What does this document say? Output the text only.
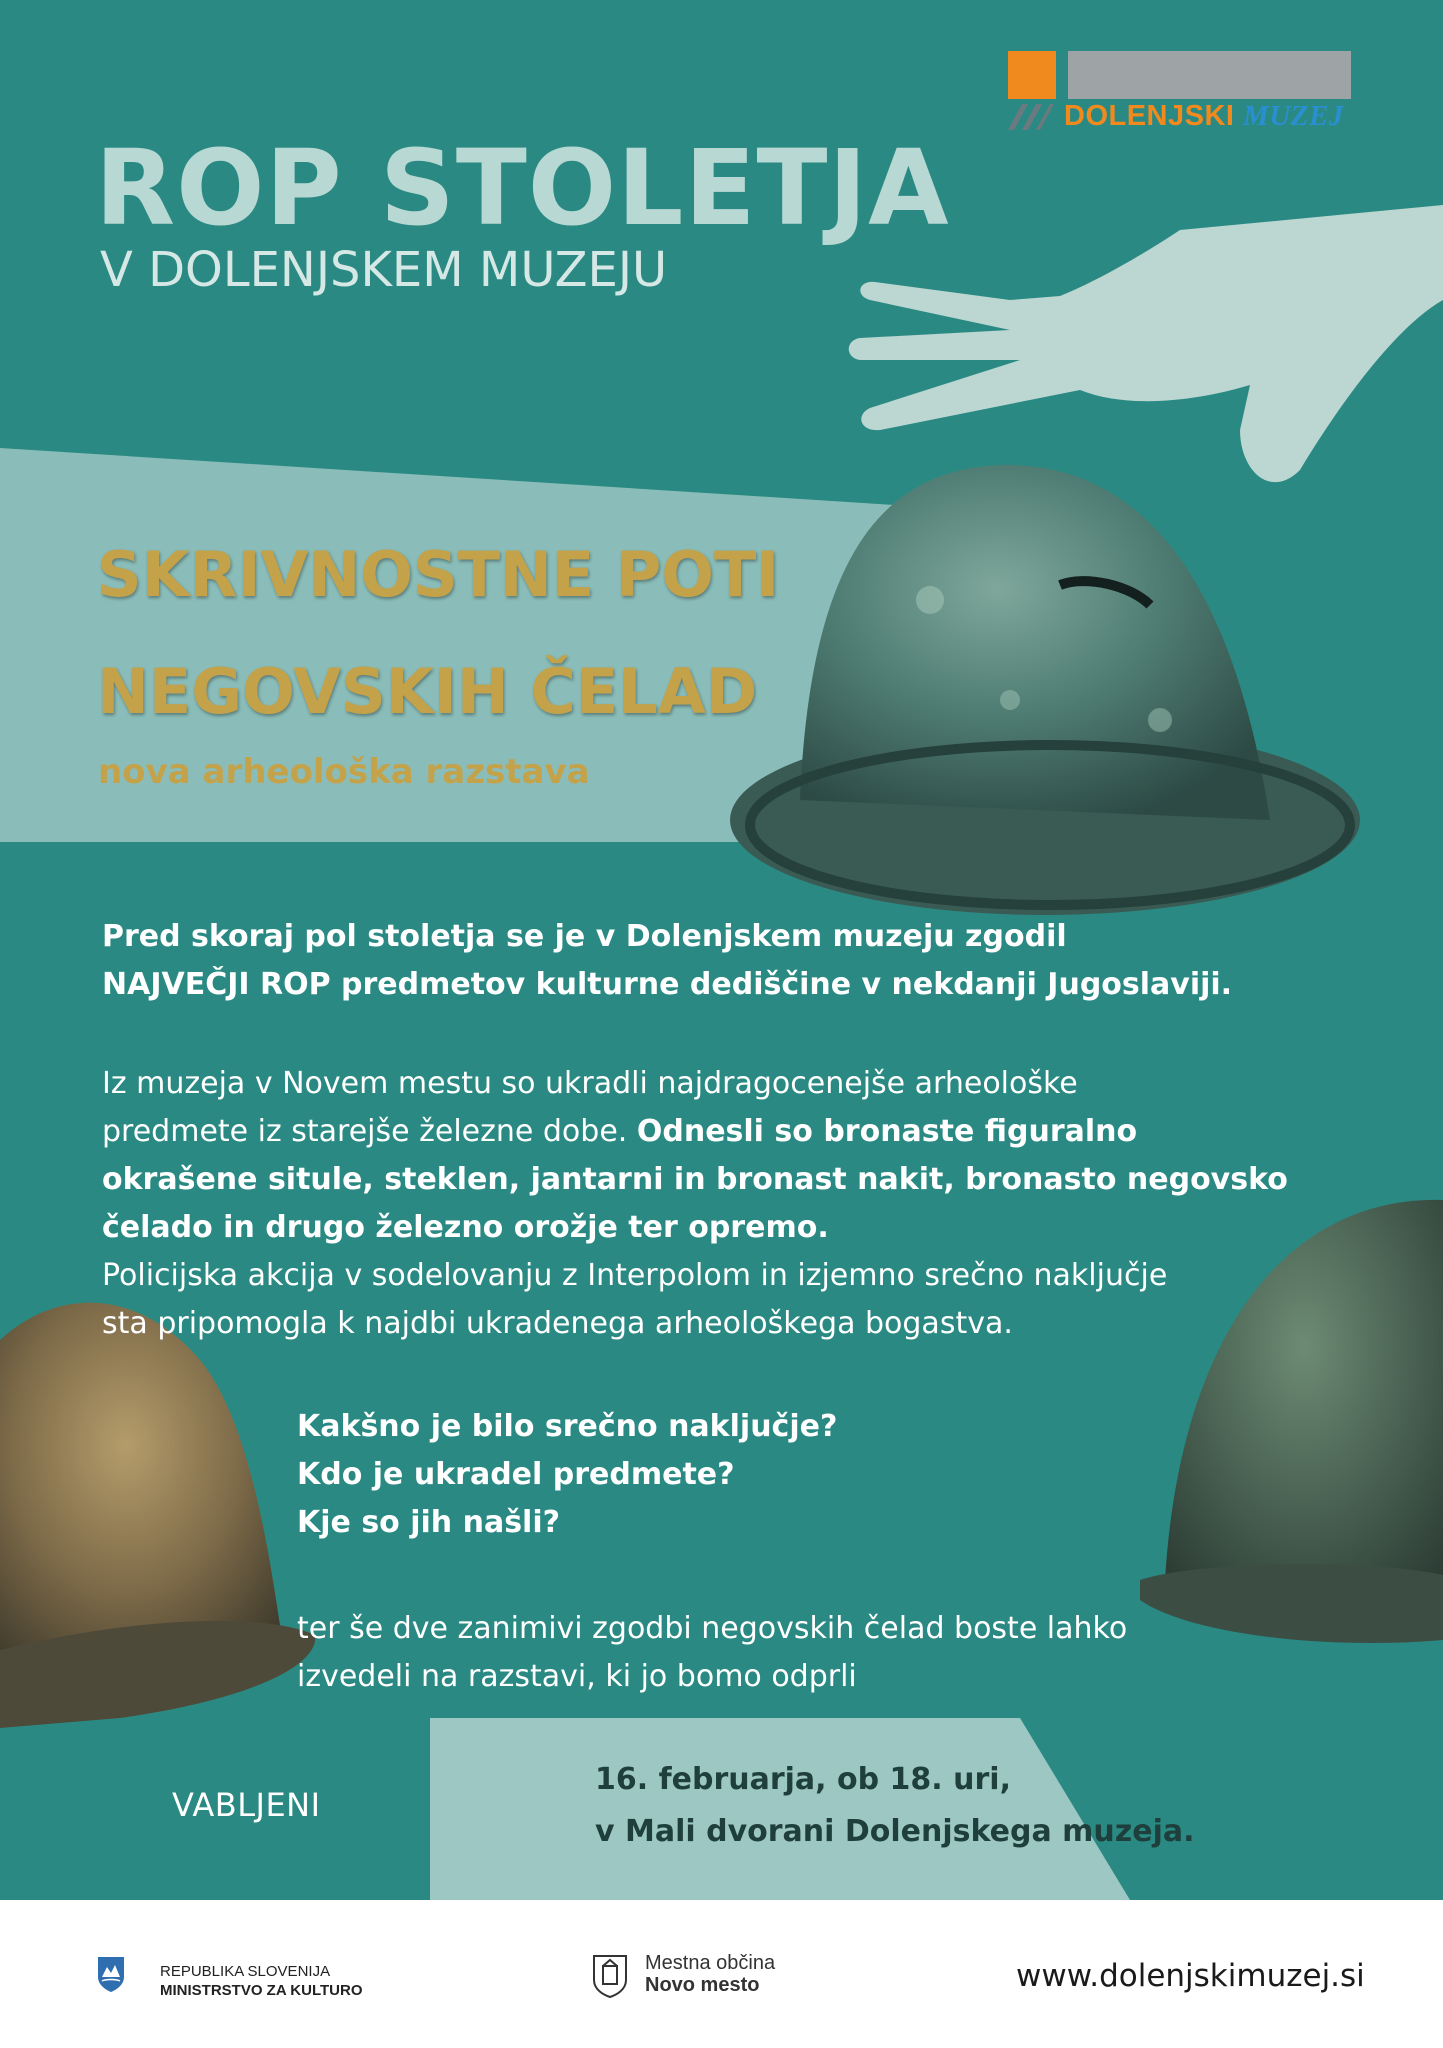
DOLENJSKI MUZEJ
ROP STOLETJA
V DOLENJSKEM MUZEJU
SKRIVNOSTNE POTI
NEGOVSKIH ČELAD
nova arheološka razstava
Pred skoraj pol stoletja se je v Dolenjskem muzeju zgodil
NAJVEČJI ROP predmetov kulturne dediščine v nekdanji Jugoslaviji.
Iz muzeja v Novem mestu so ukradli najdragocenejše arheološke
predmete iz starejše železne dobe. Odnesli so bronaste figuralno
okrašene situle, steklen, jantarni in bronast nakit, bronasto negovsko
čelado in drugo železno orožje ter opremo.
Policijska akcija v sodelovanju z Interpolom in izjemno srečno naključje
sta pripomogla k najdbi ukradenega arheološkega bogastva.
Kakšno je bilo srečno naključje?
Kdo je ukradel predmete?
Kje so jih našli?
ter še dve zanimivi zgodbi negovskih čelad boste lahko
izvedeli na razstavi, ki jo bomo odprli
16. februarja, ob 18. uri,
v Mali dvorani Dolenjskega muzeja.
VABLJENI
REPUBLIKA SLOVENIJA
MINISTRSTVO ZA KULTURO
Mestna občina
Novo mesto	www.dolenjskimuzej.si
